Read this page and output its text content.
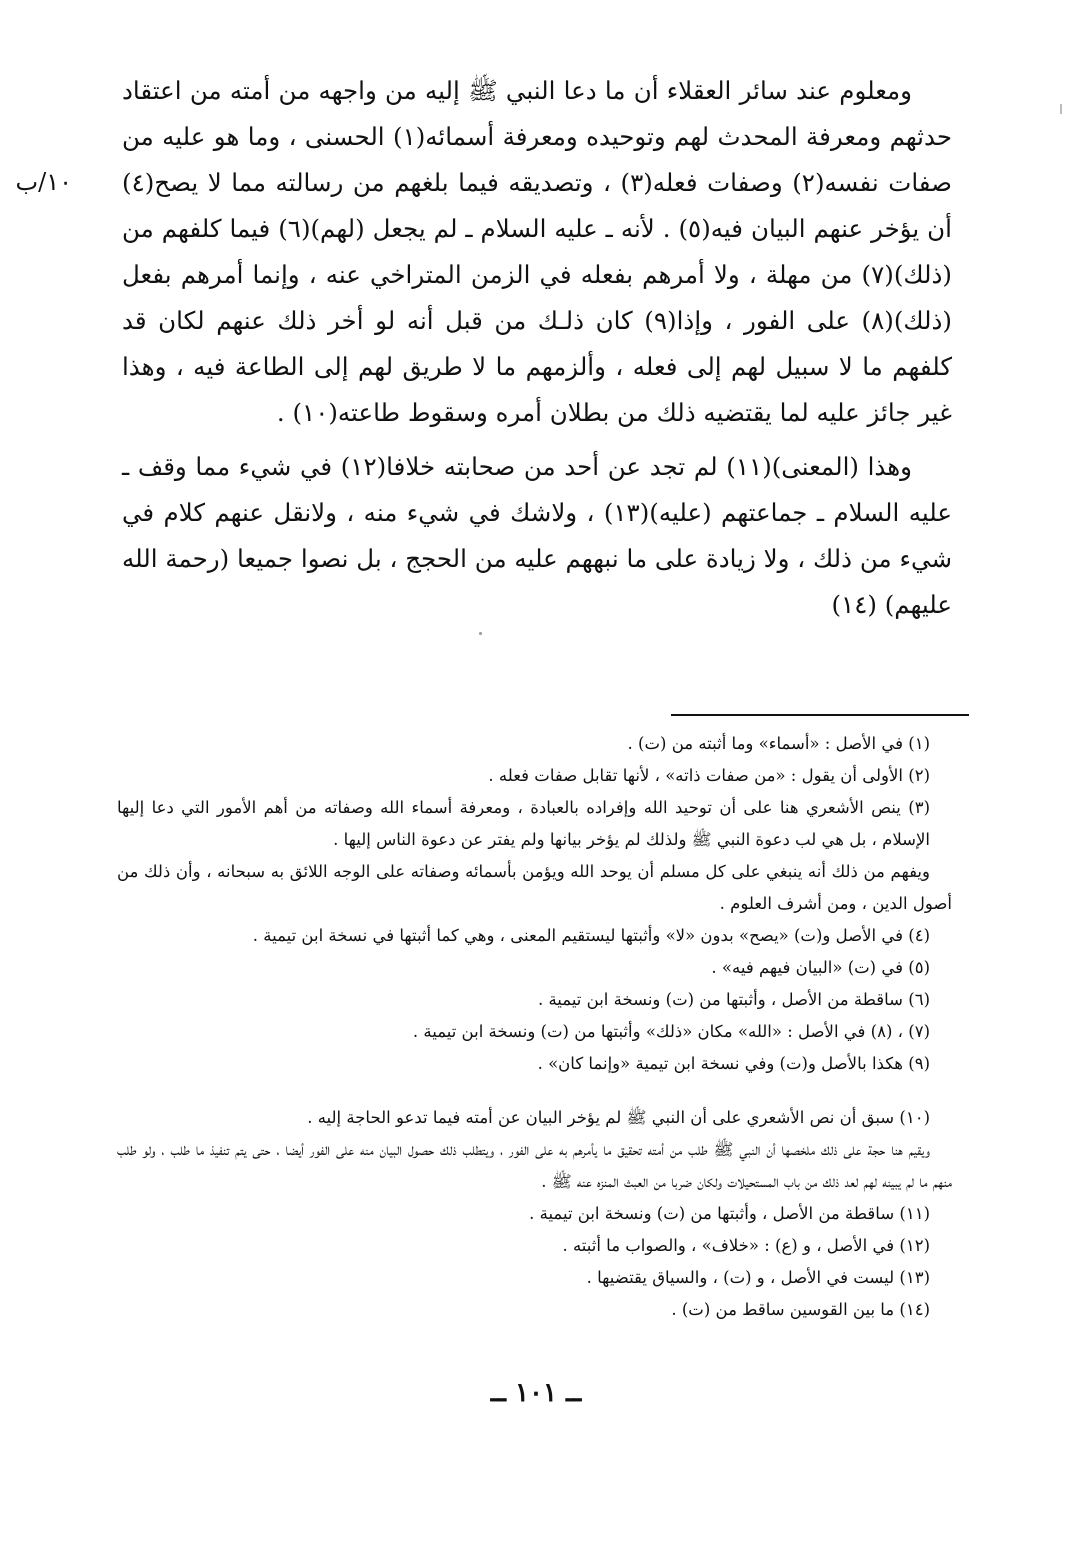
١٠/ب

ومعلوم عند سائر العقلاء أن ما دعا النبي ﷺ إليه من واجهه من أمته من اعتقاد حدثهم ومعرفة المحدث لهم وتوحيده ومعرفة أسمائه(١) الحسنى ، وما هو عليه من صفات نفسه(٢) وصفات فعله(٣) ، وتصديقه فيما بلغهم من رسالته مما لا يصح(٤) أن يؤخر عنهم البيان فيه(٥) . لأنه ـ عليه السلام ـ لم يجعل (لهم)(٦) فيما كلفهم من (ذلك)(٧) من مهلة ، ولا أمرهم بفعله في الزمن المتراخي عنه ، وإنما أمرهم بفعل (ذلك)(٨) على الفور ، وإذا(٩) كان ذلـك من قبل أنه لو أخر ذلك عنهم لكان قد كلفهم ما لا سبيل لهم إلى فعله ، وألزمهم ما لا طريق لهم إلى الطاعة فيه ، وهذا غير جائز عليه لما يقتضيه ذلك من بطلان أمره وسقوط طاعته(١٠) .

وهذا (المعنى)(١١) لم تجد عن أحد من صحابته خلافا(١٢) في شيء مما وقف ـ عليه السلام ـ جماعتهم (عليه)(١٣) ، ولاشك في شيء منه ، ولانقل عنهم كلام في شيء من ذلك ، ولا زيادة على ما نبههم عليه من الحجج ، بل نصوا جميعا (رحمة الله عليهم) (١٤)

(١) في الأصل : «أسماء» وما أثبته من (ت) .

(٢) الأولى أن يقول : «من صفات ذاته» ، لأنها تقابل صفات فعله .

(٣) ينص الأشعري هنا على أن توحيد الله وإفراده بالعبادة ، ومعرفة أسماء الله وصفاته من أهم الأمور التي دعا إليها الإسلام ، بل هي لب دعوة النبي ﷺ ولذلك لم يؤخر بيانها ولم يفتر عن دعوة الناس إليها .

ويفهم من ذلك أنه ينبغي على كل مسلم أن يوحد الله ويؤمن بأسمائه وصفاته على الوجه اللائق به سبحانه ، وأن ذلك من أصول الدين ، ومن أشرف العلوم .

(٤) في الأصل و(ت) «يصح» بدون «لا» وأثبتها ليستقيم المعنى ، وهي كما أثبتها في نسخة ابن تيمية .

(٥) في (ت) «البيان فيهم فيه» .

(٦) ساقطة من الأصل ، وأثبتها من (ت) ونسخة ابن تيمية .

(٧) ، (٨) في الأصل : «الله» مكان «ذلك» وأثبتها من (ت) ونسخة ابن تيمية .

(٩) هكذا بالأصل و(ت) وفي نسخة ابن تيمية «وإنما كان» .

(١٠) سبق أن نص الأشعري على أن النبي ﷺ لم يؤخر البيان عن أمته فيما تدعو الحاجة إليه .

ويقيم هنا حجة على ذلك ملخصها أن النبي ﷺ طلب من أمته تحقيق ما يأمرهم به على الفور ، ويتطلب ذلك حصول البيان منه على الفور أيضا ، حتى يتم تنفيذ ما طلب ، ولو طلب منهم ما لم يبينه لهم لعد ذلك من باب المستحيلات ولكان ضربا من العبث المنزه عنه ﷺ .

(١١) ساقطة من الأصل ، وأثبتها من (ت) ونسخة ابن تيمية .

(١٢) في الأصل ، و (ع) : «خلاف» ، والصواب ما أثبته .

(١٣) ليست في الأصل ، و (ت) ، والسياق يقتضيها .

(١٤) ما بين القوسين ساقط من (ت) .

ــ ١٠١ ــ
